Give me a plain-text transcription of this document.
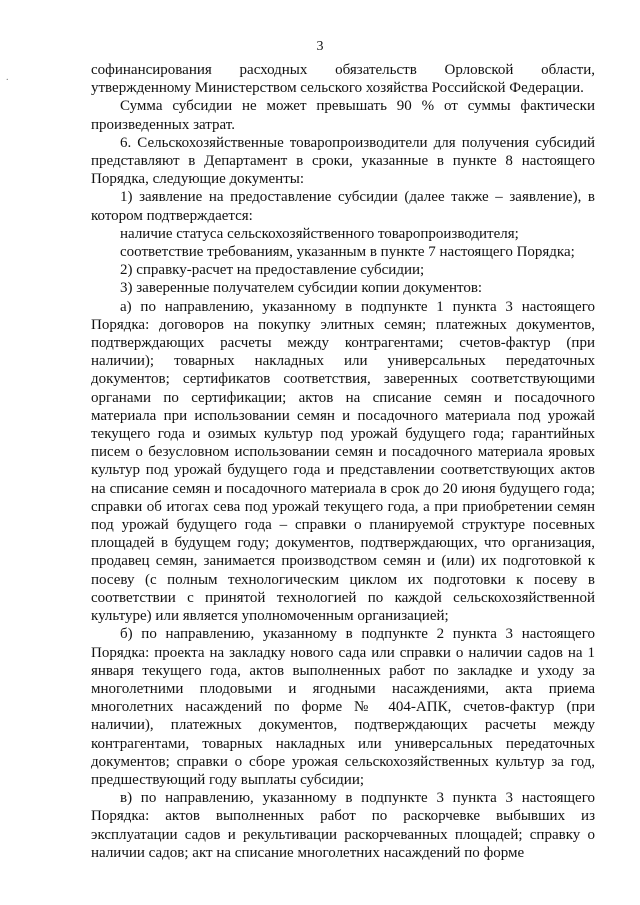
.
3

софинансирования расходных обязательств Орловской области, утвержденному Министерством сельского хозяйства Российской Федерации.

Сумма субсидии не может превышать 90 % от суммы фактически произведенных затрат.

6. Сельскохозяйственные товаропроизводители для получения субсидий представляют в Департамент в сроки, указанные в пункте 8 настоящего Порядка, следующие документы:

1) заявление на предоставление субсидии (далее также – заявление), в котором подтверждается:

наличие статуса сельскохозяйственного товаропроизводителя;

соответствие требованиям, указанным в пункте 7 настоящего Порядка;

2) справку-расчет на предоставление субсидии;

3) заверенные получателем субсидии копии документов:

а) по направлению, указанному в подпункте 1 пункта 3 настоящего Порядка: договоров на покупку элитных семян; платежных документов, подтверждающих расчеты между контрагентами; счетов-фактур (при наличии); товарных накладных или универсальных передаточных документов; сертификатов соответствия, заверенных соответствующими органами по сертификации; актов на списание семян и посадочного материала при использовании семян и посадочного материала под урожай текущего года и озимых культур под урожай будущего года; гарантийных писем о безусловном использовании семян и посадочного материала яровых культур под урожай будущего года и представлении соответствующих актов на списание семян и посадочного материала в срок до 20 июня будущего года; справки об итогах сева под урожай текущего года, а при приобретении семян под урожай будущего года – справки о планируемой структуре посевных площадей в будущем году; документов, подтверждающих, что организация, продавец семян, занимается производством семян и (или) их подготовкой к посеву (с полным технологическим циклом их подготовки к посеву в соответствии с принятой технологией по каждой сельскохозяйственной культуре) или является уполномоченным организацией;

б) по направлению, указанному в подпункте 2 пункта 3 настоящего Порядка: проекта на закладку нового сада или справки о наличии садов на 1 января текущего года, актов выполненных работ по закладке и уходу за многолетними плодовыми и ягодными насаждениями, акта приема многолетних насаждений по форме № 404-АПК, счетов-фактур (при наличии), платежных документов, подтверждающих расчеты между контрагентами, товарных накладных или универсальных передаточных документов; справки о сборе урожая сельскохозяйственных культур за год, предшествующий году выплаты субсидии;

в) по направлению, указанному в подпункте 3 пункта 3 настоящего Порядка: актов выполненных работ по раскорчевке выбывших из эксплуатации садов и рекультивации раскорчеванных площадей; справку о наличии садов; акт на списание многолетних насаждений по форме
